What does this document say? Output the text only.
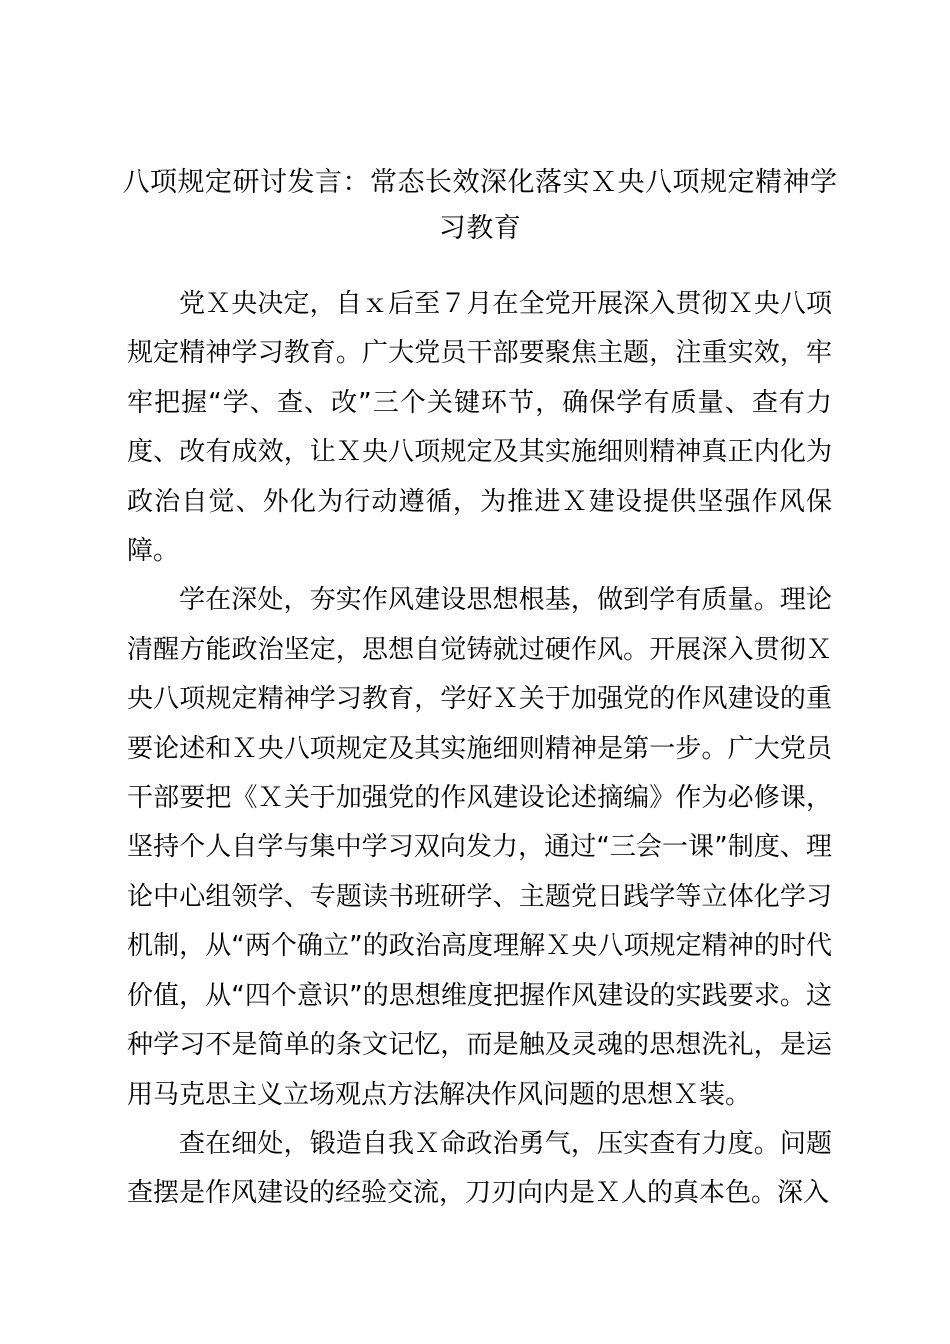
八项规定研讨发言：常态长效深化落实Ｘ央八项规定精神学习教育

党Ｘ央决定，自ｘ后至７月在全党开展深入贯彻Ｘ央八项规定精神学习教育。广大党员干部要聚焦主题，注重实效，牢牢把握“学、查、改”三个关键环节，确保学有质量、查有力度、改有成效，让Ｘ央八项规定及其实施细则精神真正内化为政治自觉、外化为行动遵循，为推进Ｘ建设提供坚强作风保障。

学在深处，夯实作风建设思想根基，做到学有质量。理论清醒方能政治坚定，思想自觉铸就过硬作风。开展深入贯彻Ｘ央八项规定精神学习教育，学好Ｘ关于加强党的作风建设的重要论述和Ｘ央八项规定及其实施细则精神是第一步。广大党员干部要把《Ｘ关于加强党的作风建设论述摘编》作为必修课，坚持个人自学与集中学习双向发力，通过“三会一课”制度、理论中心组领学、专题读书班研学、主题党日践学等立体化学习机制，从“两个确立”的政治高度理解Ｘ央八项规定精神的时代价值，从“四个意识”的思想维度把握作风建设的实践要求。这种学习不是简单的条文记忆，而是触及灵魂的思想洗礼，是运用马克思主义立场观点方法解决作风问题的思想Ｘ装。

查在细处，锻造自我Ｘ命政治勇气，压实查有力度。问题查摆是作风建设的经验交流，刀刃向内是Ｘ人的真本色。深入
